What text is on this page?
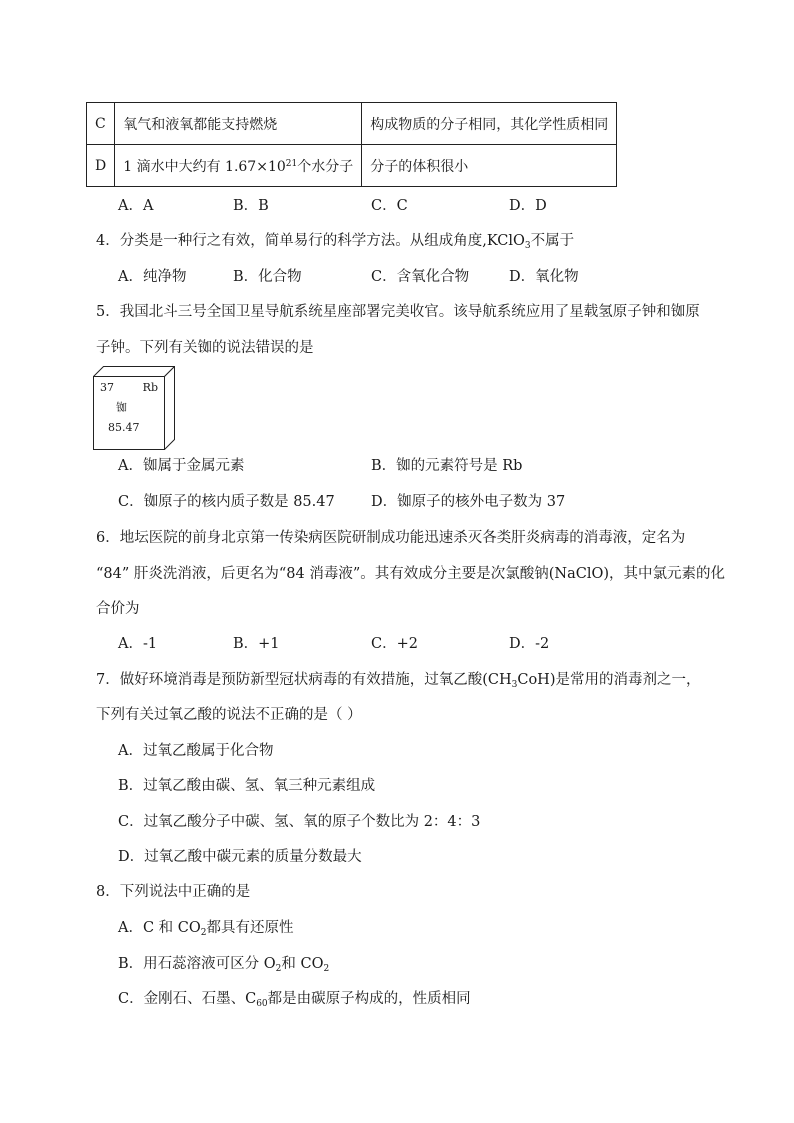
C	氧气和液氧都能支持燃烧	构成物质的分子相同，其化学性质相同
D	1 滴水中大约有 $1.67\times 10^{21}$个水分子	分子的体积很小
A．A	B．B	C．C	D．D
4．分类是一种行之有效，简单易行的科学方法。从组成角度,KClO$_3$不属于
A．纯净物	B．化合物	C．含氧化合物	D．氧化物
5．我国北斗三号全国卫星导航系统星座部署完美收官。该导航系统应用了星载氢原子钟和铷原
子钟。下列有关铷的说法错误的是
37	Rb
铷
85.47
A．铷属于金属元素	B．铷的元素符号是 Rb
C．铷原子的核内质子数是 85.47	D．铷原子的核外电子数为 37
6．地坛医院的前身北京第一传染病医院研制成功能迅速杀灭各类肝炎病毒的消毒液，定名为
“84” 肝炎洗消液，后更名为“84 消毒液”。其有效成分主要是次氯酸钠(NaClO)，其中氯元素的化
合价为
A．-1	B．+1	C．+2	D．-2
7．做好环境消毒是预防新型冠状病毒的有效措施，过氧乙酸$(CH_3CoH)$是常用的消毒剂之一，
下列有关过氧乙酸的说法不正确的是（ ）
A．过氧乙酸属于化合物
B．过氧乙酸由碳、氢、氧三种元素组成
C．过氧乙酸分子中碳、氢、氧的原子个数比为 2：4：3
D．过氧乙酸中碳元素的质量分数最大
8．下列说法中正确的是
A．C 和 $CO_2$都具有还原性
B．用石蕊溶液可区分 $O_2$和 $CO_2$
C．金刚石、石墨、$C_{60}$都是由碳原子构成的，性质相同
